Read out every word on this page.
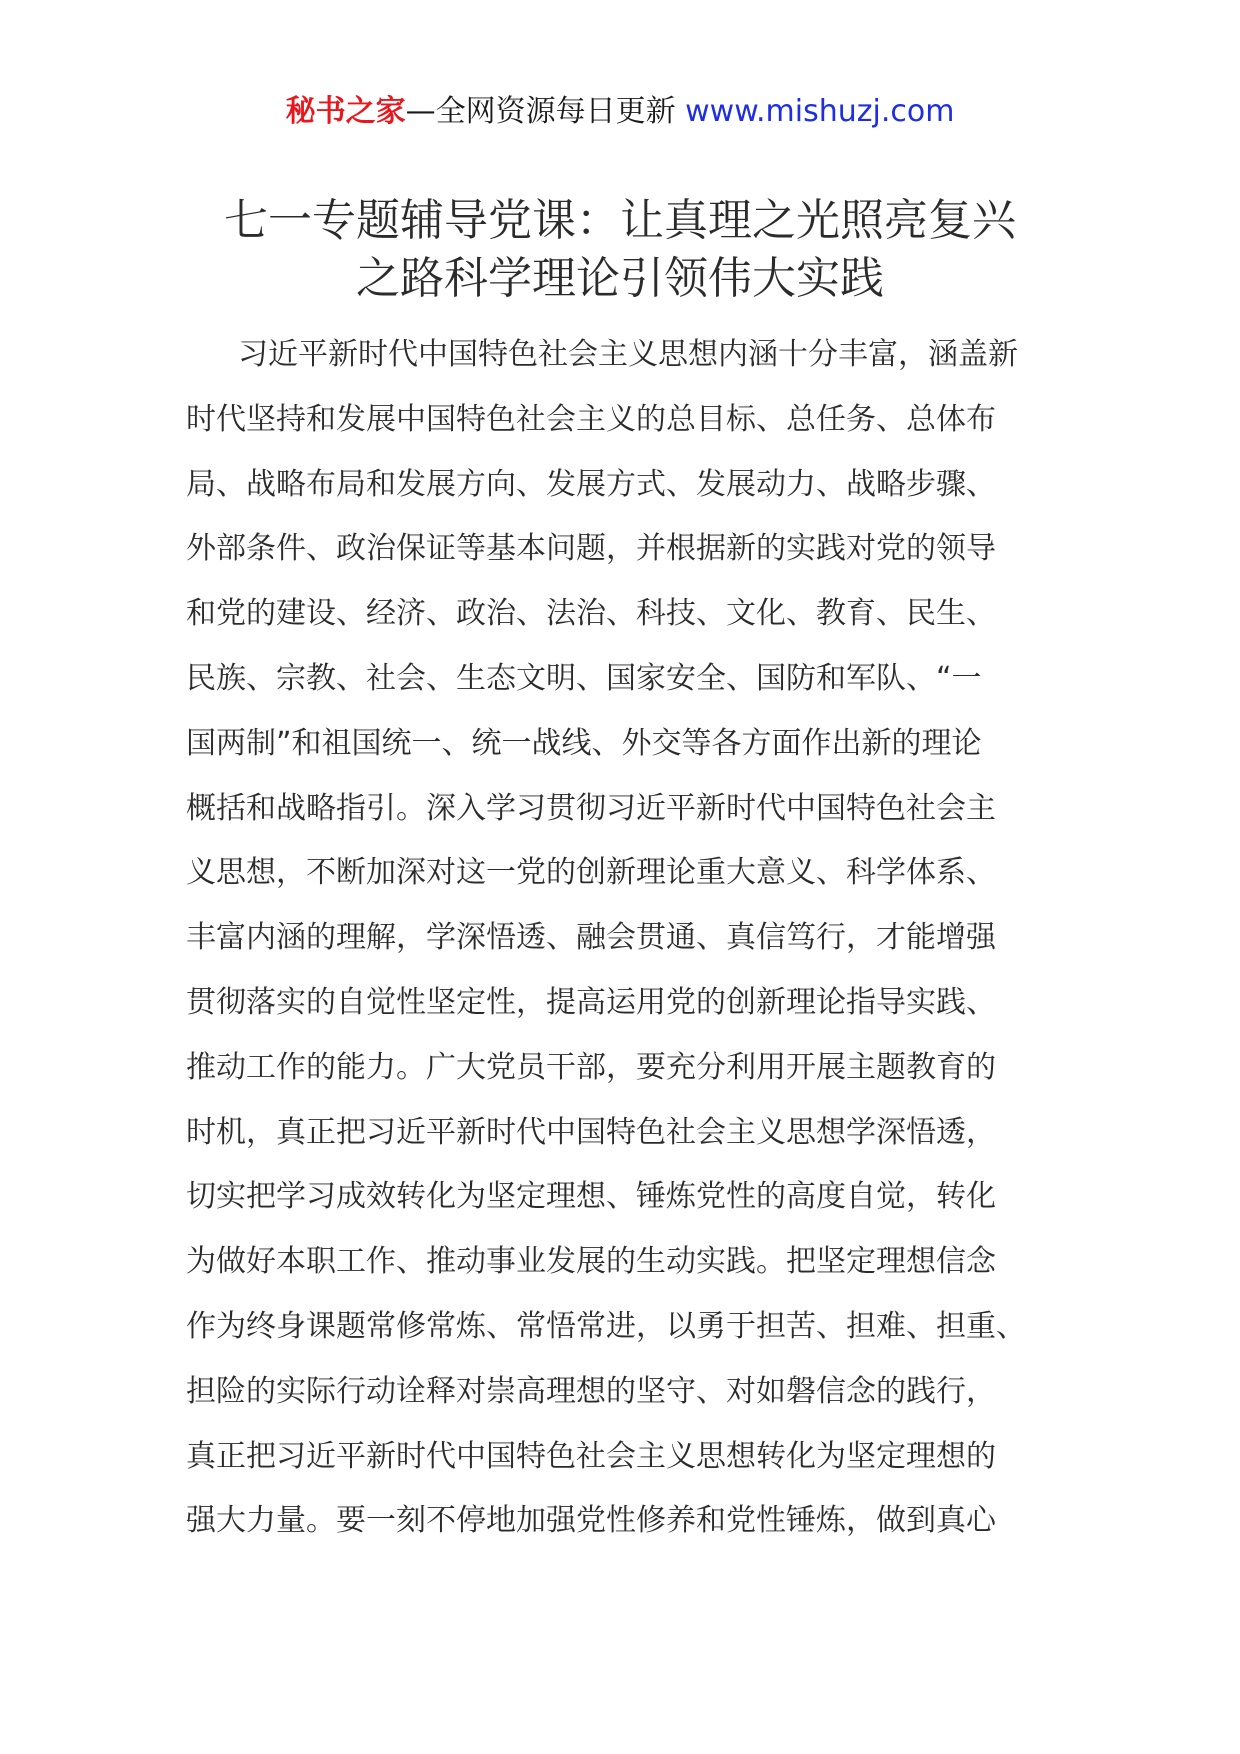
秘书之家—全网资源每日更新 www.mishuzj.com
七一专题辅导党课：让真理之光照亮复兴
之路科学理论引领伟大实践
习近平新时代中国特色社会主义思想内涵十分丰富，涵盖新
时代坚持和发展中国特色社会主义的总目标、总任务、总体布
局、战略布局和发展方向、发展方式、发展动力、战略步骤、
外部条件、政治保证等基本问题，并根据新的实践对党的领导
和党的建设、经济、政治、法治、科技、文化、教育、民生、
民族、宗教、社会、生态文明、国家安全、国防和军队、“一
国两制”和祖国统一、统一战线、外交等各方面作出新的理论
概括和战略指引。深入学习贯彻习近平新时代中国特色社会主
义思想，不断加深对这一党的创新理论重大意义、科学体系、
丰富内涵的理解，学深悟透、融会贯通、真信笃行，才能增强
贯彻落实的自觉性坚定性，提高运用党的创新理论指导实践、
推动工作的能力。广大党员干部，要充分利用开展主题教育的
时机，真正把习近平新时代中国特色社会主义思想学深悟透，
切实把学习成效转化为坚定理想、锤炼党性的高度自觉，转化
为做好本职工作、推动事业发展的生动实践。把坚定理想信念
作为终身课题常修常炼、常悟常进，以勇于担苦、担难、担重、
担险的实际行动诠释对崇高理想的坚守、对如磐信念的践行，
真正把习近平新时代中国特色社会主义思想转化为坚定理想的
强大力量。要一刻不停地加强党性修养和党性锤炼，做到真心
